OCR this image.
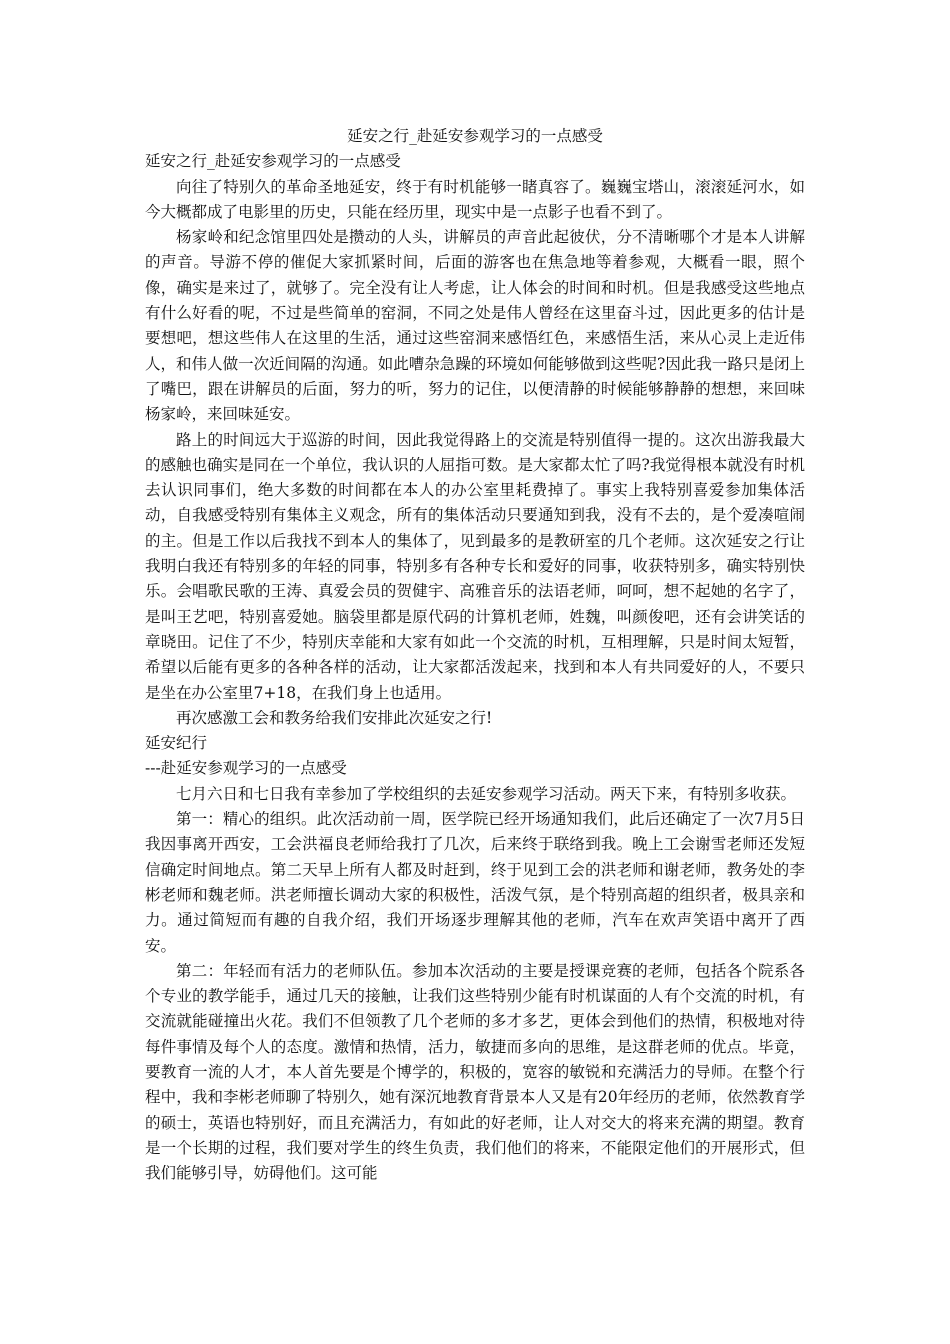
延安之行_赴延安参观学习的一点感受

延安之行_赴延安参观学习的一点感受

向往了特别久的革命圣地延安，终于有时机能够一睹真容了。巍巍宝塔山，滚滚延河水，如今大概都成了电影里的历史，只能在经历里，现实中是一点影子也看不到了。

杨家岭和纪念馆里四处是攒动的人头，讲解员的声音此起彼伏，分不清晰哪个才是本人讲解的声音。导游不停的催促大家抓紧时间，后面的游客也在焦急地等着参观，大概看一眼，照个像，确实是来过了，就够了。完全没有让人考虑，让人体会的时间和时机。但是我感受这些地点有什么好看的呢，不过是些简单的窑洞，不同之处是伟人曾经在这里奋斗过，因此更多的估计是要想吧，想这些伟人在这里的生活，通过这些窑洞来感悟红色，来感悟生活，来从心灵上走近伟人，和伟人做一次近间隔的沟通。如此嘈杂急躁的环境如何能够做到这些呢?因此我一路只是闭上了嘴巴，跟在讲解员的后面，努力的听，努力的记住，以便清静的时候能够静静的想想，来回味杨家岭，来回味延安。

路上的时间远大于巡游的时间，因此我觉得路上的交流是特别值得一提的。这次出游我最大的感触也确实是同在一个单位，我认识的人屈指可数。是大家都太忙了吗?我觉得根本就没有时机去认识同事们，绝大多数的时间都在本人的办公室里耗费掉了。事实上我特别喜爱参加集体活动，自我感受特别有集体主义观念，所有的集体活动只要通知到我，没有不去的，是个爱凑喧闹的主。但是工作以后我找不到本人的集体了，见到最多的是教研室的几个老师。这次延安之行让我明白我还有特别多的年轻的同事，特别多有各种专长和爱好的同事，收获特别多，确实特别快乐。会唱歌民歌的王涛、真爱会员的贺健宇、高雅音乐的法语老师，呵呵，想不起她的名字了，是叫王艺吧，特别喜爱她。脑袋里都是原代码的计算机老师，姓魏，叫颜俊吧，还有会讲笑话的章晓田。记住了不少，特别庆幸能和大家有如此一个交流的时机，互相理解，只是时间太短暂，希望以后能有更多的各种各样的活动，让大家都活泼起来，找到和本人有共同爱好的人，不要只是坐在办公室里7+18，在我们身上也适用。

再次感激工会和教务给我们安排此次延安之行!

延安纪行

---赴延安参观学习的一点感受

七月六日和七日我有幸参加了学校组织的去延安参观学习活动。两天下来，有特别多收获。

第一：精心的组织。此次活动前一周，医学院已经开场通知我们，此后还确定了一次7月5日我因事离开西安，工会洪福良老师给我打了几次，后来终于联络到我。晚上工会谢雪老师还发短信确定时间地点。第二天早上所有人都及时赶到，终于见到工会的洪老师和谢老师，教务处的李彬老师和魏老师。洪老师擅长调动大家的积极性，活泼气氛，是个特别高超的组织者，极具亲和力。通过简短而有趣的自我介绍，我们开场逐步理解其他的老师，汽车在欢声笑语中离开了西安。

第二：年轻而有活力的老师队伍。参加本次活动的主要是授课竞赛的老师，包括各个院系各个专业的教学能手，通过几天的接触，让我们这些特别少能有时机谋面的人有个交流的时机，有交流就能碰撞出火花。我们不但领教了几个老师的多才多艺，更体会到他们的热情，积极地对待每件事情及每个人的态度。激情和热情，活力，敏捷而多向的思维，是这群老师的优点。毕竟，要教育一流的人才，本人首先要是个博学的，积极的，宽容的敏锐和充满活力的导师。在整个行程中，我和李彬老师聊了特别久，她有深沉地教育背景本人又是有20年经历的老师，依然教育学的硕士，英语也特别好，而且充满活力，有如此的好老师，让人对交大的将来充满的期望。教育是一个长期的过程，我们要对学生的终生负责，我们他们的将来，不能限定他们的开展形式，但我们能够引导，妨碍他们。这可能
